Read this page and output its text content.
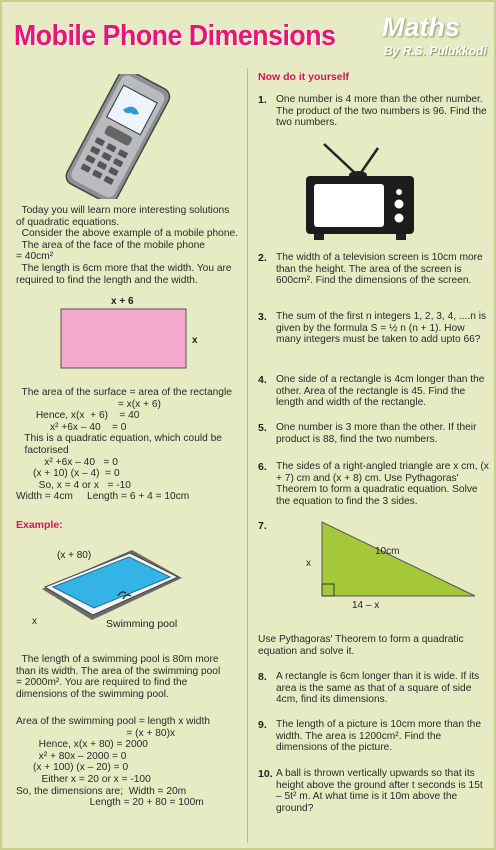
Mobile Phone Dimensions Maths
By R.S. Pulukkodi
Today you will learn more interesting solutions
of quadratic equations.
Consider the above example of a mobile phone.
The area of the face of the mobile phone
= 40cm²
The length is 6cm more that the width. You are
required to find the length and the width.
x + 6
x
The area of the surface = area of the rectangle
= x(x + 6)
Hence, x(x  + 6)    = 40
x² +6x – 40    = 0
This is a quadratic equation, which could be
factorised
x² +6x – 40   = 0
(x + 10) (x – 4)  = 0
So, x = 4 or x   = -10
Width = 4cm     Length = 6 + 4 = 10cm
Example:
(x + 80)
x	Swimming pool
The length of a swimming pool is 80m more
than its width. The area of the swimming pool
= 2000m². You are required to find the
dimensions of the swimming pool.
Area of the swimming pool = length x width
= (x + 80)x
Hence, x(x + 80) = 2000
x² + 80x – 2000 = 0
(x + 100) (x – 20) = 0
Either x = 20 or x = -100
So, the dimensions are;  Width = 20m
Length = 20 + 80 = 100m
Now do it yourself
1. One number is 4 more than the other number. The product of the two numbers is 96. Find the two numbers.
2. The width of a television screen is 10cm more than the height. The area of the screen is 600cm². Find the dimensions of the screen.
3. The sum of the first n integers 1, 2, 3, 4, ....n is given by the formula S = ½ n (n + 1). How many integers must be taken to add upto 66?
4. One side of a rectangle is 4cm longer than the other. Area of the rectangle is 45. Find the length and width of the rectangle.
5. One number is 3 more than the other. If their product is 88, find the two numbers.
6. The sides of a right-angled triangle are x cm, (x + 7) cm and (x + 8) cm. Use Pythagoras' Theorem to form a quadratic equation. Solve the equation to find the 3 sides.
7.
8. A rectangle is 6cm longer than it is wide. If its area is the same as that of a square of side 4cm, find its dimensions.
9. The length of a picture is 10cm more than the width. The area is 1200cm². Find the dimensions of the picture.
10. A ball is thrown vertically upwards so that its height above the ground after t seconds is 15t – 5t² m. At what time is it 10m above the ground?
10cm
x
14 – x
Use Pythagoras' Theorem to form a quadratic
equation and solve it.
